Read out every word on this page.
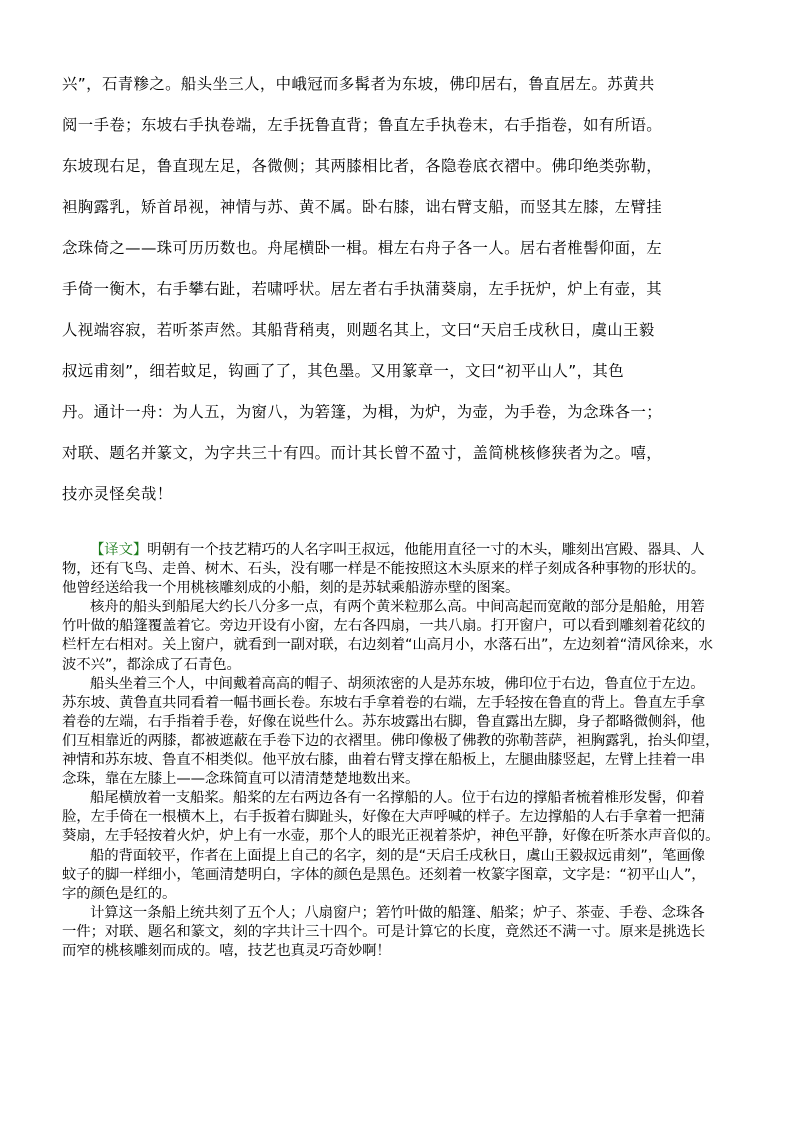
兴”，石青糁之。船头坐三人，中峨冠而多髯者为东坡，佛印居右，鲁直居左。苏黄共
阅一手卷；东坡右手执卷端，左手抚鲁直背；鲁直左手执卷末，右手指卷，如有所语。
东坡现右足，鲁直现左足，各微侧；其两膝相比者，各隐卷底衣褶中。佛印绝类弥勒，
袒胸露乳，矫首昂视，神情与苏、黄不属。卧右膝，诎右臂支船，而竖其左膝，左臂挂
念珠倚之——珠可历历数也。舟尾横卧一楫。楫左右舟子各一人。居右者椎髻仰面，左
手倚一衡木，右手攀右趾，若啸呼状。居左者右手执蒲葵扇，左手抚炉，炉上有壶，其
人视端容寂，若听茶声然。其船背稍夷，则题名其上，文曰“天启壬戌秋日，虞山王毅
叔远甫刻”，细若蚊足，钩画了了，其色墨。又用篆章一，文曰“初平山人”，其色
丹。通计一舟：为人五，为窗八，为箬篷，为楫，为炉，为壶，为手卷，为念珠各一；
对联、题名并篆文，为字共三十有四。而计其长曾不盈寸，盖简桃核修狭者为之。嘻，
技亦灵怪矣哉！
【译文】明朝有一个技艺精巧的人名字叫王叔远，他能用直径一寸的木头，雕刻出宫殿、器具、人
物，还有飞鸟、走兽、树木、石头，没有哪一样是不能按照这木头原来的样子刻成各种事物的形状的。
他曾经送给我一个用桃核雕刻成的小船，刻的是苏轼乘船游赤壁的图案。
核舟的船头到船尾大约长八分多一点，有两个黄米粒那么高。中间高起而宽敞的部分是船舱，用箬
竹叶做的船篷覆盖着它。旁边开设有小窗，左右各四扇，一共八扇。打开窗户，可以看到雕刻着花纹的
栏杆左右相对。关上窗户，就看到一副对联，右边刻着“山高月小，水落石出”，左边刻着“清风徐来，水
波不兴”，都涂成了石青色。
船头坐着三个人，中间戴着高高的帽子、胡须浓密的人是苏东坡，佛印位于右边，鲁直位于左边。
苏东坡、黄鲁直共同看着一幅书画长卷。东坡右手拿着卷的右端，左手轻按在鲁直的背上。鲁直左手拿
着卷的左端，右手指着手卷，好像在说些什么。苏东坡露出右脚，鲁直露出左脚，身子都略微侧斜，他
们互相靠近的两膝，都被遮蔽在手卷下边的衣褶里。佛印像极了佛教的弥勒菩萨，袒胸露乳，抬头仰望，
神情和苏东坡、鲁直不相类似。他平放右膝，曲着右臂支撑在船板上，左腿曲膝竖起，左臂上挂着一串
念珠，靠在左膝上——念珠简直可以清清楚楚地数出来。
船尾横放着一支船桨。船桨的左右两边各有一名撑船的人。位于右边的撑船者梳着椎形发髻，仰着
脸，左手倚在一根横木上，右手扳着右脚趾头，好像在大声呼喊的样子。左边撑船的人右手拿着一把蒲
葵扇，左手轻按着火炉，炉上有一水壶，那个人的眼光正视着茶炉，神色平静，好像在听茶水声音似的。
船的背面较平，作者在上面提上自己的名字，刻的是“天启壬戌秋日，虞山王毅叔远甫刻”，笔画像
蚊子的脚一样细小，笔画清楚明白，字体的颜色是黑色。还刻着一枚篆字图章，文字是：“初平山人”，
字的颜色是红的。
计算这一条船上统共刻了五个人；八扇窗户；箬竹叶做的船篷、船桨；炉子、茶壶、手卷、念珠各
一件；对联、题名和篆文，刻的字共计三十四个。可是计算它的长度，竟然还不满一寸。原来是挑选长
而窄的桃核雕刻而成的。嘻，技艺也真灵巧奇妙啊！
